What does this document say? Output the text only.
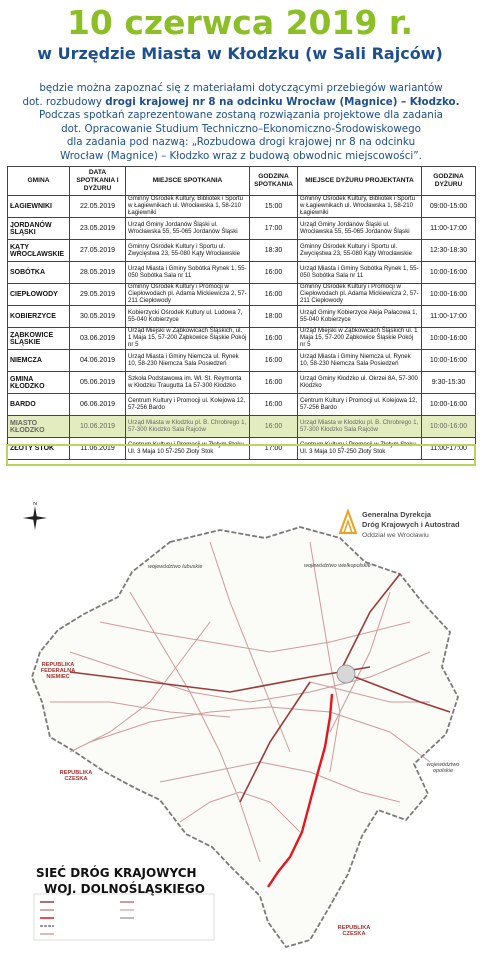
10 czerwca 2019 r.
w Urzędzie Miasta w Kłodzku (w Sali Rajców)
będzie można zapoznać się z materiałami dotyczącymi przebiegów wariantów
dot. rozbudowy drogi krajowej nr 8 na odcinku Wrocław (Magnice) – Kłodzko.
Podczas spotkań zaprezentowane zostaną rozwiązania projektowe dla zadania
dot. Opracowanie Studium Techniczno–Ekonomiczno-Środowiskowego
dla zadania pod nazwą: „Rozbudowa drogi krajowej nr 8 na odcinku
Wrocław (Magnice) – Kłodzko wraz z budową obwodnic miejscowości”.
GMINA	DATA SPOTKANIA I DYŻURU	MIEJSCE SPOTKANIA	GODZINA SPOTKANIA	MIEJSCE DYŻURU PROJEKTANTA	GODZINA DYŻURU
ŁAGIEWNIKI	22.05.2019	Gminny Ośrodek Kultury, Bibliotek i Sportu w Łagiewnikach ul. Wrocławska 1, 58-210 Łagiewniki	15:00	Gminny Ośrodek Kultury, Bibliotek i Sportu w Łagiewnikach ul. Wrocławska 1, 58-210 Łagiewniki	09:00-15:00
JORDANÓW ŚLĄSKI	23.05.2019	Urząd Gminy Jordanów Śląski ul. Wrocławska 55, 55-065 Jordanów Śląski	17:00	Urząd Gminy Jordanów Śląski ul. Wrocławska 55, 55-065 Jordanów Śląski	11:00-17:00
KĄTY WROCŁAWSKIE	27.05.2019	Gminny Ośrodek Kultury i Sportu ul. Zwycięstwa 23, 55-080 Kąty Wrocławskie	18:30	Gminny Ośrodek Kultury i Sportu ul. Zwycięstwa 23, 55-080 Kąty Wrocławskie	12:30-18:30
SOBÓTKA	28.05.2019	Urząd Miasta i Gminy Sobótka Rynek 1, 55-050 Sobótka Sala nr 11	16:00	Urząd Miasta i Gminy Sobótka Rynek 1, 55-050 Sobótka Sala nr 11	10:00-16:00
CIEPŁOWODY	29.05.2019	Gminny Ośrodek Kultury i Promocji w Ciepłowodach pl. Adama Mickiewicza 2, 57-211 Ciepłowody	16:00	Gminny Ośrodek Kultury i Promocji w Ciepłowodach pl. Adama Mickiewicza 2, 57-211 Ciepłowody	10:00-16:00
KOBIERZYCE	30.05.2019	Kobierzycki Ośrodek Kultury ul. Ludowa 7, 55-040 Kobierzyce	18:00	Urząd Gminy Kobierzyce Aleja Pałacowa 1, 55-040 Kobierzyce	11:00-17:00
ZĄBKOWICE ŚLĄSKIE	03.06.2019	Urząd Miejski w Ząbkowicach Śląskich, ul. 1 Maja 15, 57-200 Ząbkowice Śląskie Pokój nr 5	16:00	Urząd Miejski w Ząbkowicach Śląskich ul. 1 Maja 15, 57-200 Ząbkowice Śląskie Pokój nr 5	10:00-16:00
NIEMCZA	04.06.2019	Urząd Miasta i Gminy Niemcza ul. Rynek 10, 58-230 Niemcza Sala Posiedzeń	16:00	Urząd Miasta i Gminy Niemcza ul. Rynek 10, 58-230 Niemcza Sala Posiedzeń	10:00-16:00
GMINA KŁODZKO	05.06.2019	Szkoła Podstawowa im. Wł. St. Reymonta w Kłodzku Traugutta 1a 57-300 Kłodzko	16:00	Urząd Gminy Kłodzko ul. Okrzei 8A, 57-300 Kłodzko	9:30-15:30
BARDO	06.06.2019	Centrum Kultury i Promocji ul. Kolejowa 12, 57-256 Bardo	16:00	Centrum Kultury i Promocji ul. Kolejowa 12, 57-256 Bardo	10:00-16:00
MIASTO KŁODZKO	10.06.2019	Urząd Miasta w Kłodzku pl. B. Chrobrego 1, 57-300 Kłodzko Sala Rajców	16:00	Urząd Miasta w Kłodzku pl. B. Chrobrego 1, 57-300 Kłodzko Sala Rajców	10:00-16:00
ZŁOTY STOK	11.06.2019	Centrum Kultury i Promocji w Złotym Stoku Ul. 3 Maja 10 57-250 Złoty Stok	17:00	Centrum Kultury i Promocji w Złotym Stoku Ul. 3 Maja 10 57-250 Złoty Stok	11:00-17:00
Generalna Dyrekcja
Dróg Krajowych i Autostrad
Oddział we Wrocławiu
N
województwo lubuskie	województwo wielkopolskie
województwo opolskie
REPUBLIKA FEDERALNA NIEMIEC
REPUBLIKA CZESKA
REPUBLIKA CZESKA
SIEĆ DRÓG KRAJOWYCH
WOJ. DOLNOŚLĄSKIEGO
